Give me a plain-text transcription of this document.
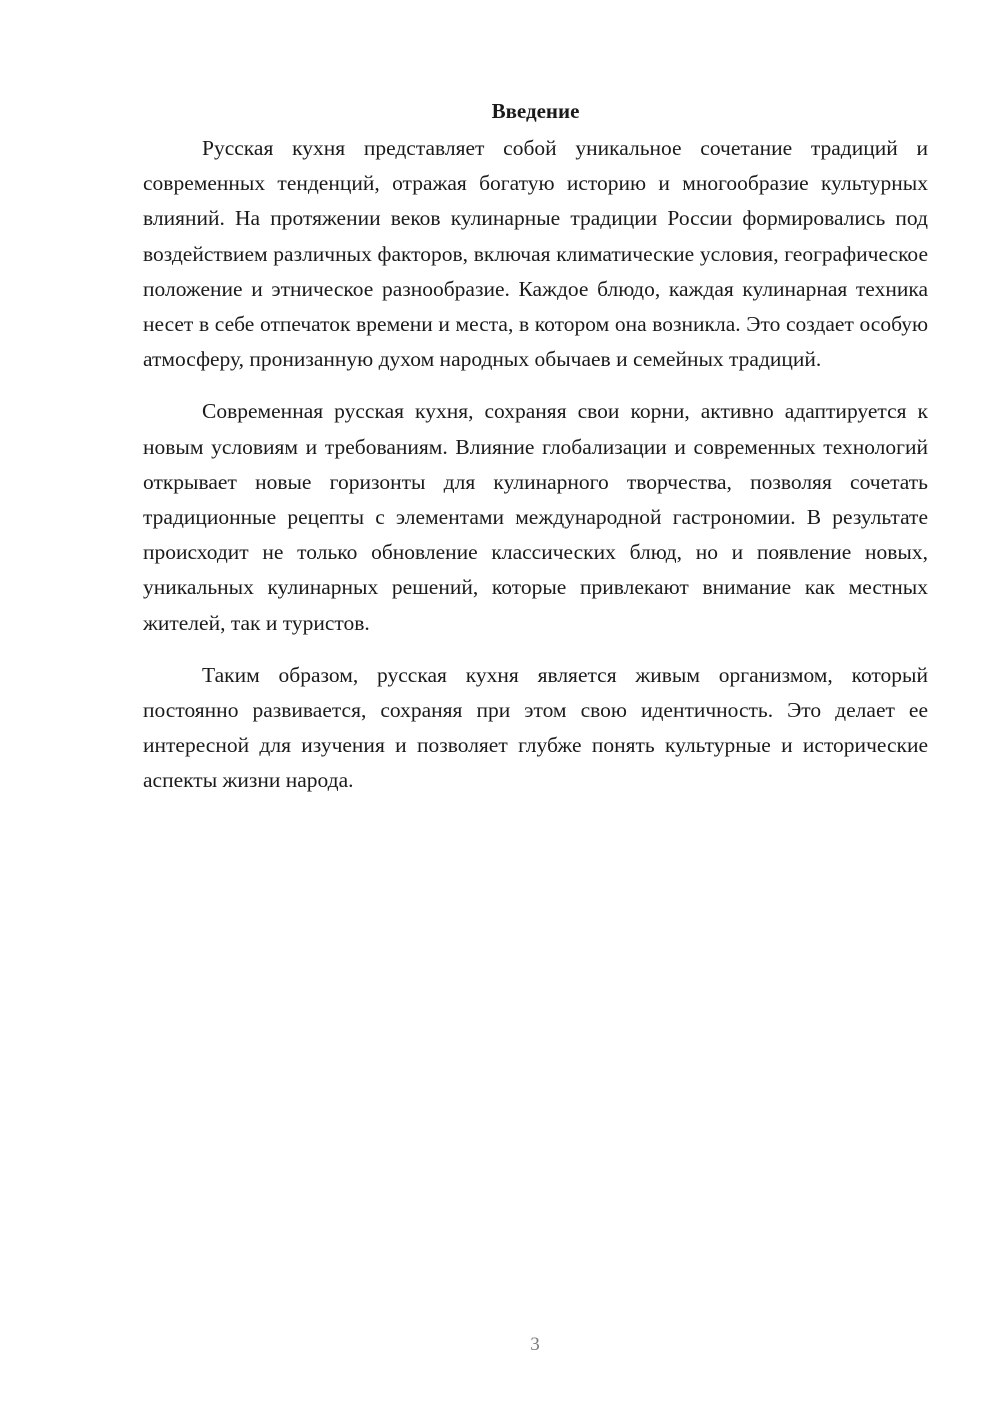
Введение

Русская кухня представляет собой уникальное сочетание традиций и современных тенденций, отражая богатую историю и многообразие культурных влияний. На протяжении веков кулинарные традиции России формировались под воздействием различных факторов, включая климатические условия, географическое положение и этническое разнообразие. Каждое блюдо, каждая кулинарная техника несет в себе отпечаток времени и места, в котором она возникла. Это создает особую атмосферу, пронизанную духом народных обычаев и семейных традиций.

Современная русская кухня, сохраняя свои корни, активно адаптируется к новым условиям и требованиям. Влияние глобализации и современных технологий открывает новые горизонты для кулинарного творчества, позволяя сочетать традиционные рецепты с элементами международной гастрономии. В результате происходит не только обновление классических блюд, но и появление новых, уникальных кулинарных решений, которые привлекают внимание как местных жителей, так и туристов.

Таким образом, русская кухня является живым организмом, который постоянно развивается, сохраняя при этом свою идентичность. Это делает ее интересной для изучения и позволяет глубже понять культурные и исторические аспекты жизни народа.

3
